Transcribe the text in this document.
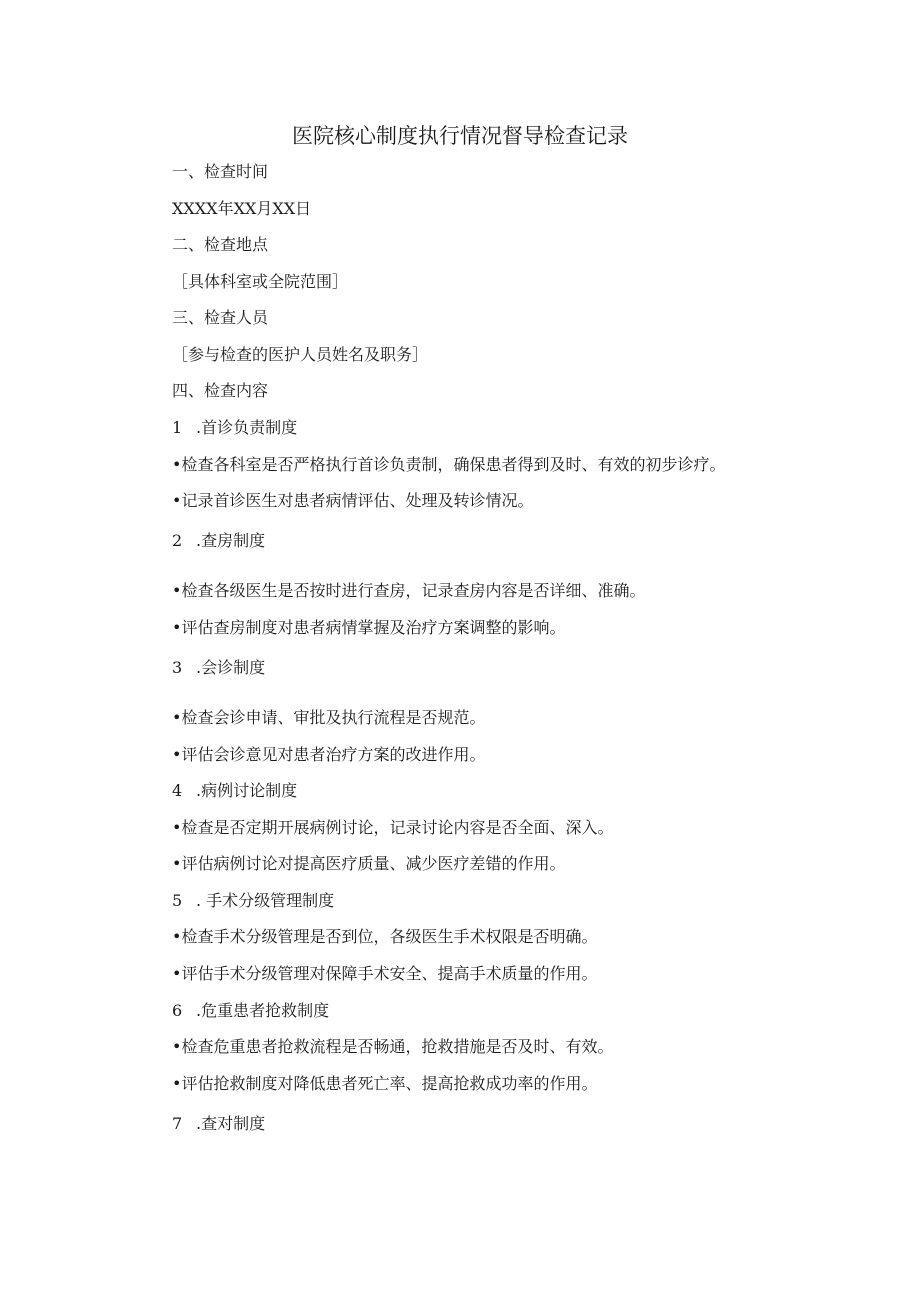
医院核心制度执行情况督导检查记录
一、检查时间
XXXX年XX月XX日
二、检查地点
［具体科室或全院范围］
三、检查人员
［参与检查的医护人员姓名及职务］
四、检查内容
1 .首诊负责制度
•检查各科室是否严格执行首诊负责制，确保患者得到及时、有效的初步诊疗。
•记录首诊医生对患者病情评估、处理及转诊情况。
2 .查房制度
•检查各级医生是否按时进行查房，记录查房内容是否详细、准确。
•评估查房制度对患者病情掌握及治疗方案调整的影响。
3 .会诊制度
•检查会诊申请、审批及执行流程是否规范。
•评估会诊意见对患者治疗方案的改进作用。
4 .病例讨论制度
•检查是否定期开展病例讨论，记录讨论内容是否全面、深入。
•评估病例讨论对提高医疗质量、减少医疗差错的作用。
5 . 手术分级管理制度
•检查手术分级管理是否到位，各级医生手术权限是否明确。
•评估手术分级管理对保障手术安全、提高手术质量的作用。
6 .危重患者抢救制度
•检查危重患者抢救流程是否畅通，抢救措施是否及时、有效。
•评估抢救制度对降低患者死亡率、提高抢救成功率的作用。
7 .查对制度
